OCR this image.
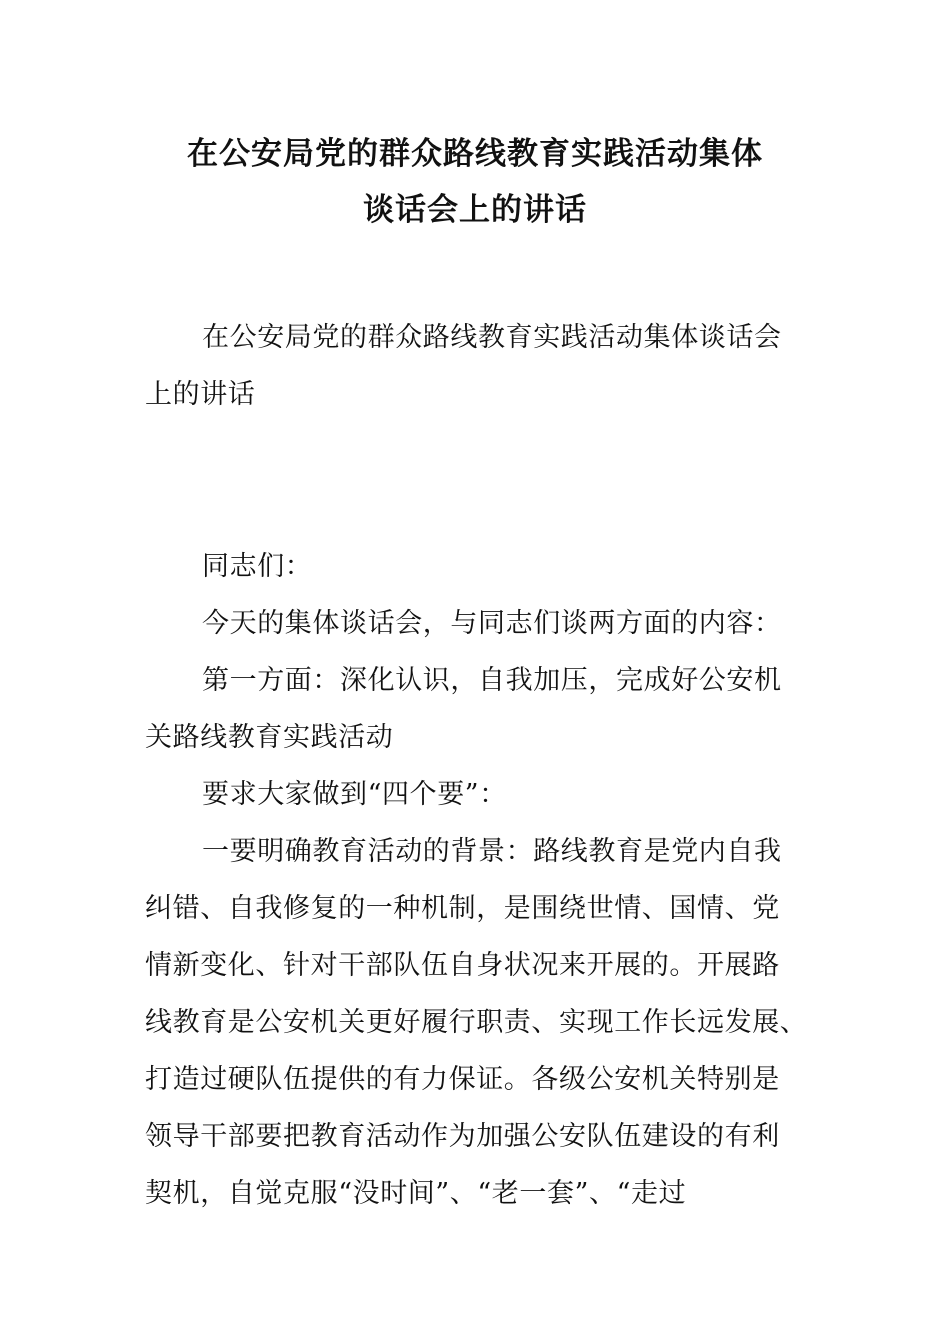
在公安局党的群众路线教育实践活动集体
谈话会上的讲话
在公安局党的群众路线教育实践活动集体谈话会
上的讲话
同志们：
今天的集体谈话会，与同志们谈两方面的内容：
第一方面：深化认识，自我加压，完成好公安机
关路线教育实践活动
要求大家做到“四个要”：
一要明确教育活动的背景：路线教育是党内自我
纠错、自我修复的一种机制，是围绕世情、国情、党
情新变化、针对干部队伍自身状况来开展的。开展路
线教育是公安机关更好履行职责、实现工作长远发展、
打造过硬队伍提供的有力保证。各级公安机关特别是
领导干部要把教育活动作为加强公安队伍建设的有利
契机，自觉克服“没时间”、“老一套”、“走过
